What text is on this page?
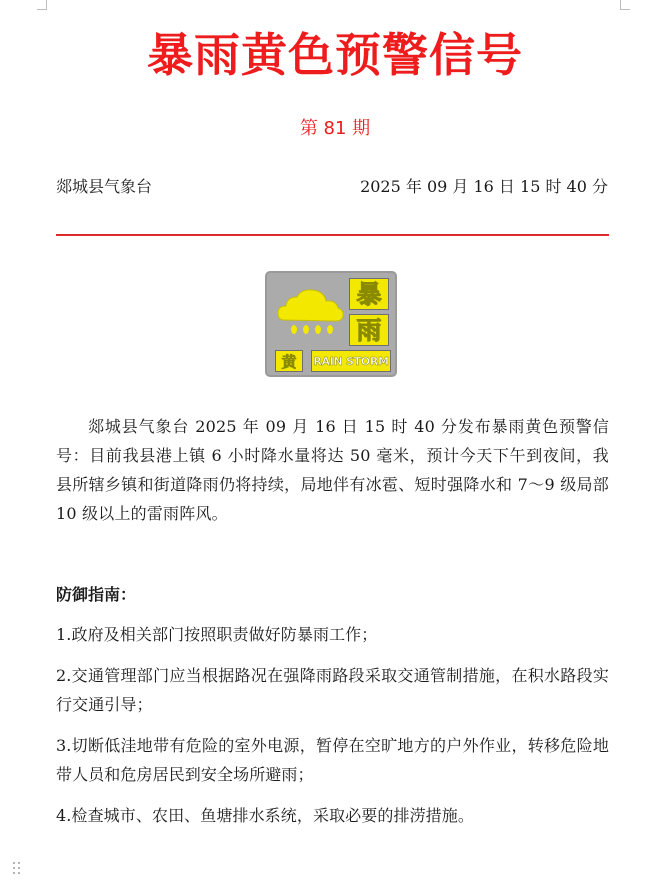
暴雨黄色预警信号
第 81 期
郯城县气象台	2025 年 09 月 16 日 15 时 40 分
暴
雨
黄	RAIN STORM
郯城县气象台 2025 年 09 月 16 日 15 时 40 分发布暴雨黄色预警信号：目前我县港上镇 6 小时降水量将达 50 毫米，预计今天下午到夜间，我县所辖乡镇和街道降雨仍将持续，局地伴有冰雹、短时强降水和 7～9 级局部 10 级以上的雷雨阵风。
防御指南：
1.政府及相关部门按照职责做好防暴雨工作；
2.交通管理部门应当根据路况在强降雨路段采取交通管制措施，在积水路段实行交通引导；
3.切断低洼地带有危险的室外电源，暂停在空旷地方的户外作业，转移危险地带人员和危房居民到安全场所避雨；
4.检查城市、农田、鱼塘排水系统，采取必要的排涝措施。
